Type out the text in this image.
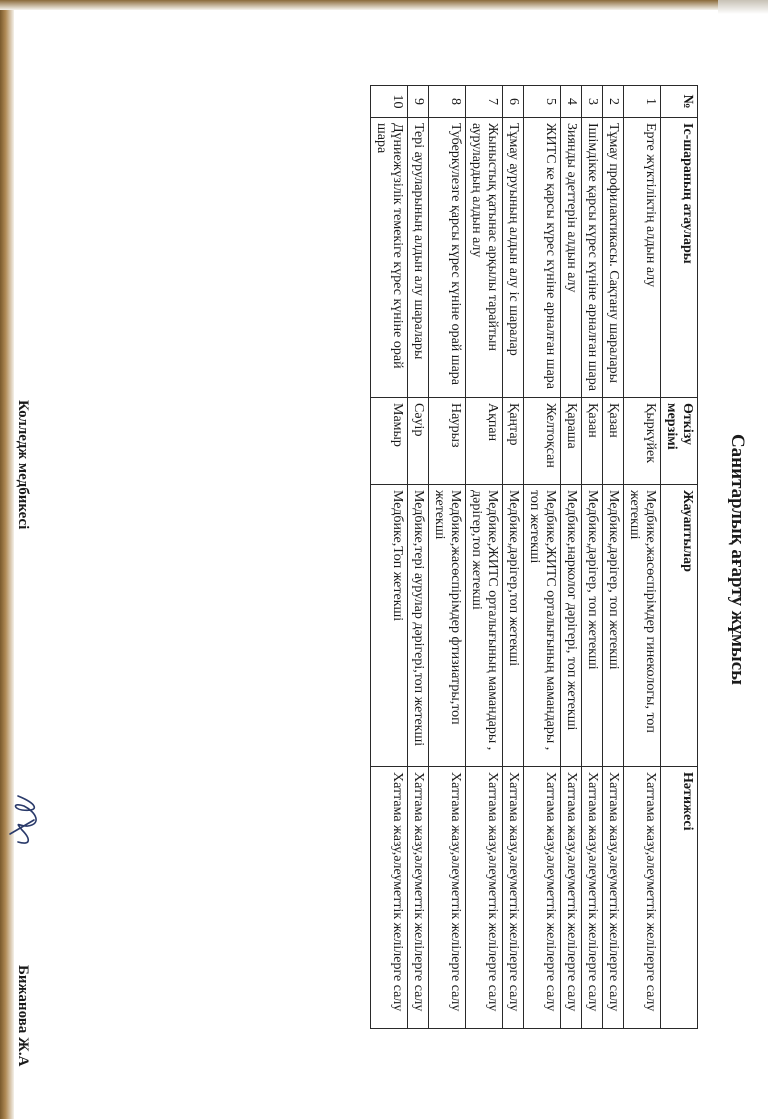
Санитарлық ағарту жұмысы
№	Іс-шараның атаулары	Өткізу мерзімі	Жауаптылар	Нәтижесі
1	Ерте жүктіліктің алдын алу	Қыркүйек	Медбике,жасөспірімдер гинекологы, топ жетекші	Хаттама жазу,әлеуметтік желілерге салу
2	Тұмау профилактикасы. Сақтану шаралары	Қазан	Медбике,дәрігер, топ жетекші	Хаттама жазу,әлеуметтік желілерге салу
3	Ішімдікке қарсы күрес күніне арналған шара	Қазан	Медбике,дәрігер, топ жетекші	Хаттама жазу,әлеуметтік желілерге салу
4	Зиянды әдеттерін алдын алу	Қараша	Медбике,нарколог дәрігері, топ жетекші	Хаттама жазу,әлеуметтік желілерге салу
5	ЖИТС ке қарсы күрес күніне арналған шара	Желтоқсан	Медбике,ЖИТС орталығының мамандары , топ жетекші	Хаттама жазу,әлеуметтік желілерге салу
6	Тұмау ауруының алдын алу іс шаралар	Қаңтар	Медбике,дәрігер,топ жетекші	Хаттама жазу,әлеуметтік желілерге салу
7	Жыныстық қатынас арқылы тарайтын аурулардың алдын алу	Ақпан	Медбике,ЖИТС орталығының мамандары , дәрігер,топ жетекші	Хаттама жазу,әлеуметтік желілерге салу
8	Туберкулезге қарсы күрес күніне орай шара	Наурыз	Медбике,жасөспірімдер фтизиатры,топ жетекші	Хаттама жазу,әлеуметтік желілерге салу
9	Тері ауруларының алдын алу шаралары	Сәуір	Медбике,тері аурулар дәрігері,топ жетекші	Хаттама жазу,әлеуметтік желілерге салу
10	Дүниежүзілік темекіге күрес күніне орай шара	Мамыр	Медбике,Топ жетекші	Хаттама жазу,әлеуметтік желілерге салу
Колледж медбикесі
Бижанова Ж.А
